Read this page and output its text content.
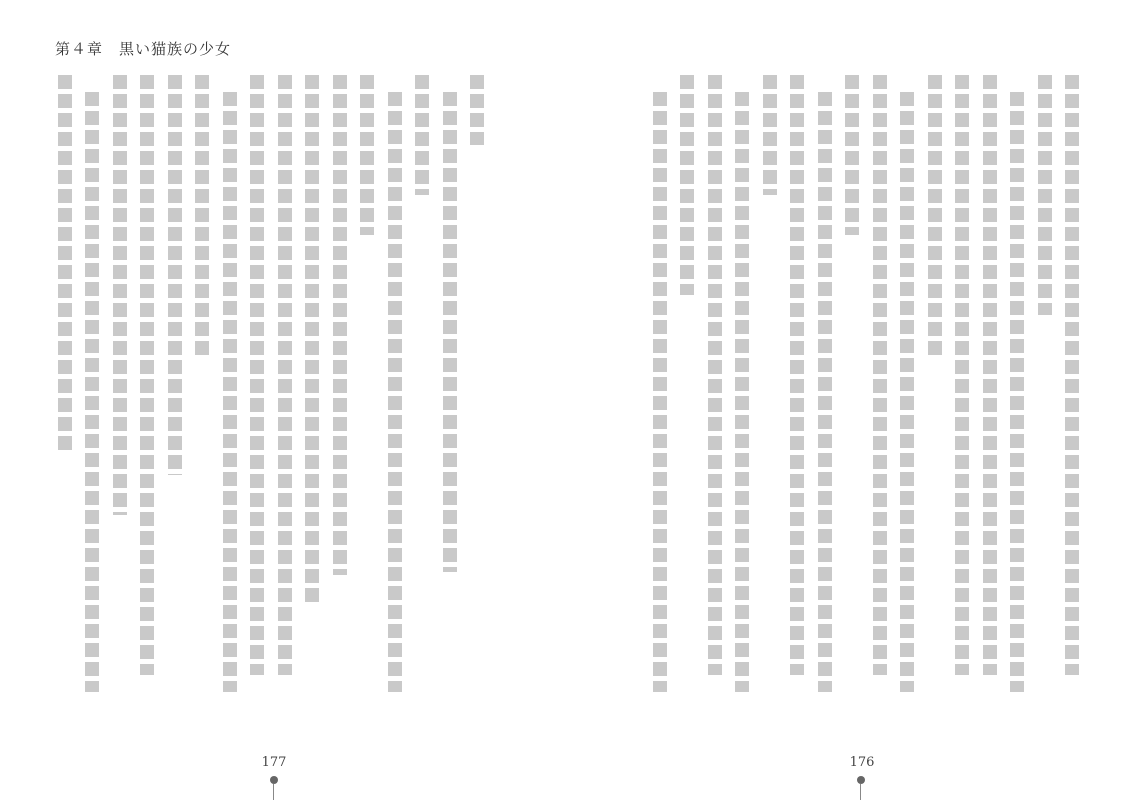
第４章　黒い猫族の少女
177	176
